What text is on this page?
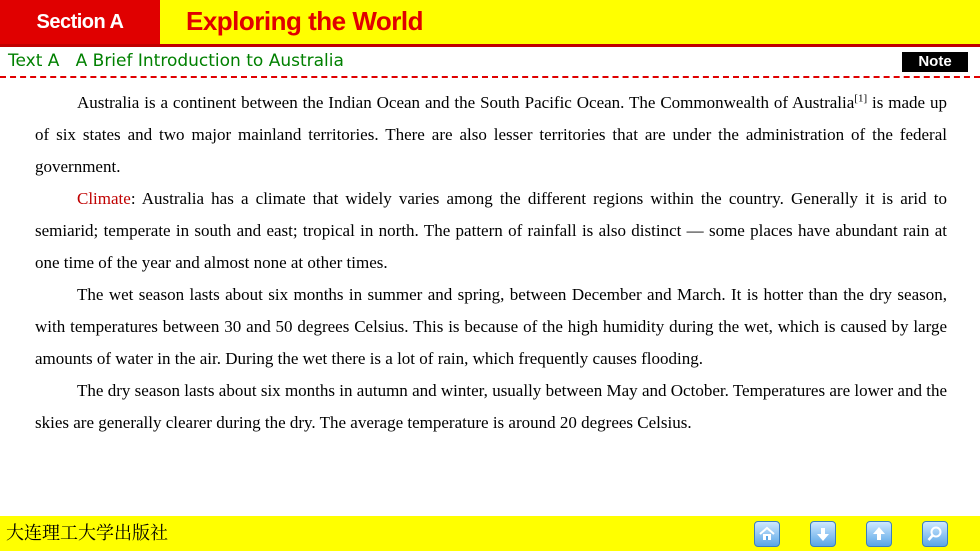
Section A	Exploring the World
Text A   A Brief Introduction to Australia	Note

Australia is a continent between the Indian Ocean and the South Pacific Ocean. The Commonwealth of Australia[1] is made up of six states and two major mainland territories. There are also lesser territories that are under the administration of the federal government.

Climate: Australia has a climate that widely varies among the different regions within the country. Generally it is arid to semiarid; temperate in south and east; tropical in north. The pattern of rainfall is also distinct — some places have abundant rain at one time of the year and almost none at other times.

The wet season lasts about six months in summer and spring, between December and March. It is hotter than the dry season, with temperatures between 30 and 50 degrees Celsius. This is because of the high humidity during the wet, which is caused by large amounts of water in the air. During the wet there is a lot of rain, which frequently causes flooding.

The dry season lasts about six months in autumn and winter, usually between May and October. Temperatures are lower and the skies are generally clearer during the dry. The average temperature is around 20 degrees Celsius.

大连理工大学出版社
